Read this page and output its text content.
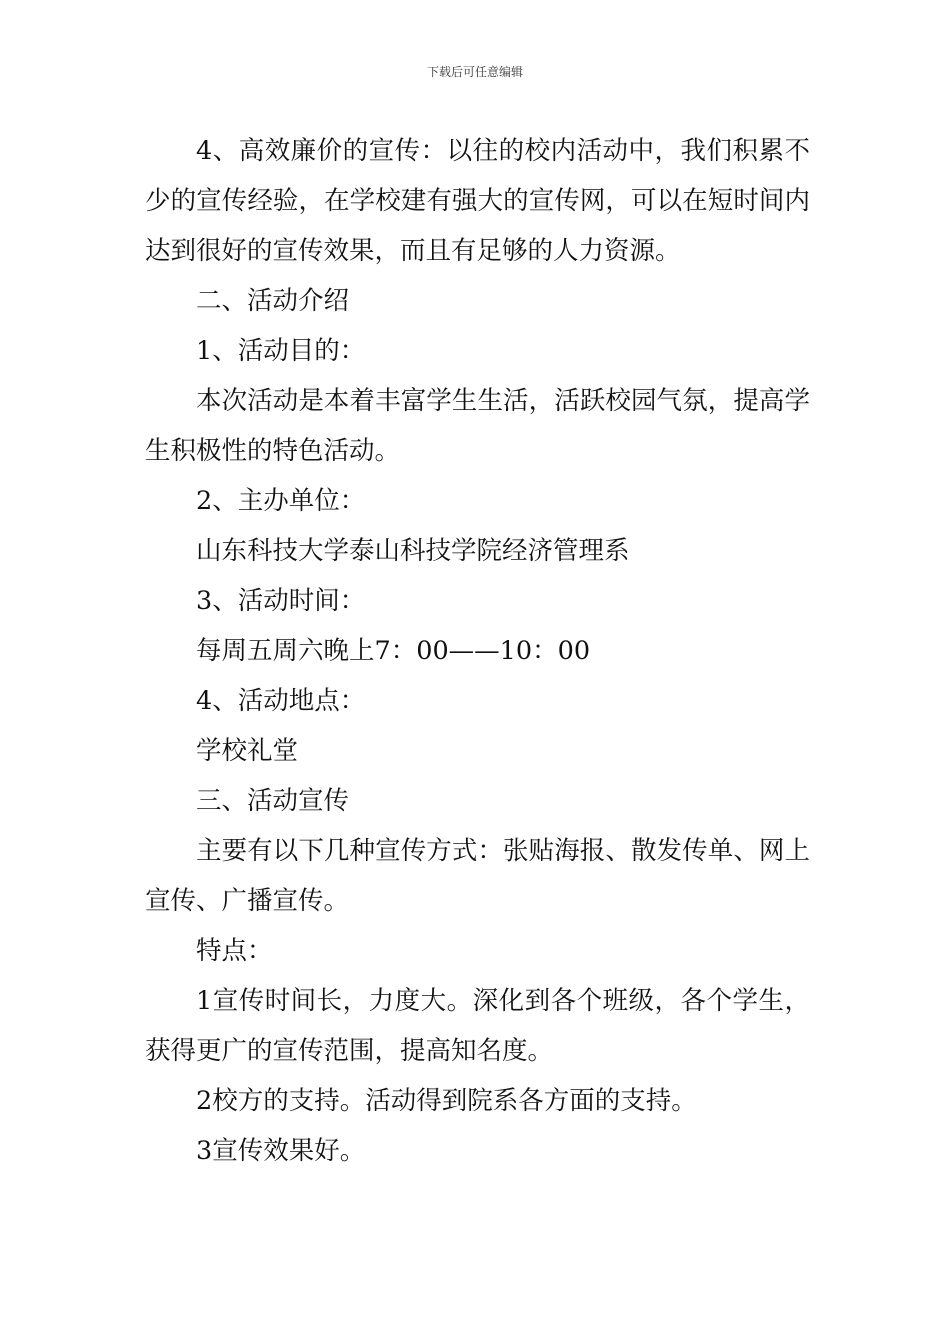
下载后可任意编辑

4、高效廉价的宣传：以往的校内活动中，我们积累不少的宣传经验，在学校建有强大的宣传网，可以在短时间内达到很好的宣传效果，而且有足够的人力资源。

二、活动介绍

1、活动目的：

本次活动是本着丰富学生生活，活跃校园气氛，提高学生积极性的特色活动。

2、主办单位：

山东科技大学泰山科技学院经济管理系

3、活动时间：

每周五周六晚上7：00——10：00

4、活动地点：

学校礼堂

三、活动宣传

主要有以下几种宣传方式：张贴海报、散发传单、网上宣传、广播宣传。

特点：

1宣传时间长，力度大。深化到各个班级，各个学生，获得更广的宣传范围，提高知名度。

2校方的支持。活动得到院系各方面的支持。

3宣传效果好。
